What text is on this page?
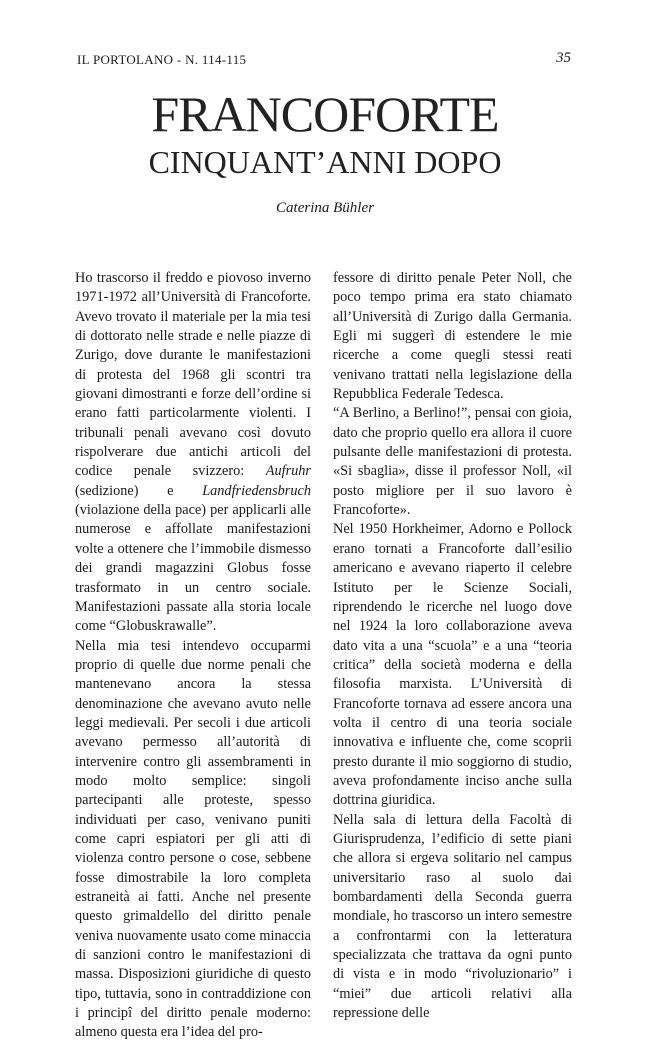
IL PORTOLANO - N. 114-115	35
FRANCOFORTE
CINQUANT’ANNI DOPO
Caterina Bühler

Ho trascorso il freddo e piovoso inverno 1971-1972 all’Università di Francoforte. Avevo trovato il materiale per la mia tesi di dottorato nelle strade e nelle piazze di Zurigo, dove durante le manifestazioni di protesta del 1968 gli scontri tra giovani dimostranti e forze dell’ordine si erano fatti particolarmente violenti. I tribunali penali avevano così dovuto rispolverare due antichi articoli del codice penale svizzero: Aufruhr (sedizione) e Landfriedensbruch (violazione della pace) per applicarli alle numerose e affollate manifestazioni volte a ottenere che l’immobile dismesso dei grandi magazzini Globus fosse trasformato in un centro sociale. Manifestazioni passate alla storia locale come “Globuskrawalle”.

Nella mia tesi intendevo occuparmi proprio di quelle due norme penali che mantenevano ancora la stessa denominazione che avevano avuto nelle leggi medievali. Per secoli i due articoli avevano permesso all’autorità di intervenire contro gli assembramenti in modo molto semplice: singoli partecipanti alle proteste, spesso individuati per caso, venivano puniti come capri espiatori per gli atti di violenza contro persone o cose, sebbene fosse dimostrabile la loro completa estraneità ai fatti. Anche nel presente questo grimaldello del diritto penale veniva nuovamente usato come minaccia di sanzioni contro le manifestazioni di massa. Disposizioni giuridiche di questo tipo, tuttavia, sono in contraddizione con i principî del diritto penale moderno: almeno questa era l’idea del pro-

fessore di diritto penale Peter Noll, che poco tempo prima era stato chiamato all’Università di Zurigo dalla Germania. Egli mi suggerì di estendere le mie ricerche a come quegli stessi reati venivano trattati nella legislazione della Repubblica Federale Tedesca.

“A Berlino, a Berlino!”, pensai con gioia, dato che proprio quello era allora il cuore pulsante delle manifestazioni di protesta. «Si sbaglia», disse il professor Noll, «il posto migliore per il suo lavoro è Francoforte».

Nel 1950 Horkheimer, Adorno e Pollock erano tornati a Francoforte dall’esilio americano e avevano riaperto il celebre Istituto per le Scienze Sociali, riprendendo le ricerche nel luogo dove nel 1924 la loro collaborazione aveva dato vita a una “scuola” e a una “teoria critica” della società moderna e della filosofia marxista. L’Università di Francoforte tornava ad essere ancora una volta il centro di una teoria sociale innovativa e influente che, come scoprii presto durante il mio soggiorno di studio, aveva profondamente inciso anche sulla dottrina giuridica.

Nella sala di lettura della Facoltà di Giurisprudenza, l’edificio di sette piani che allora si ergeva solitario nel campus universitario raso al suolo dai bombardamenti della Seconda guerra mondiale, ho trascorso un intero semestre a confrontarmi con la letteratura specializzata che trattava da ogni punto di vista e in modo “rivoluzionario” i “miei” due articoli relativi alla repressione delle
